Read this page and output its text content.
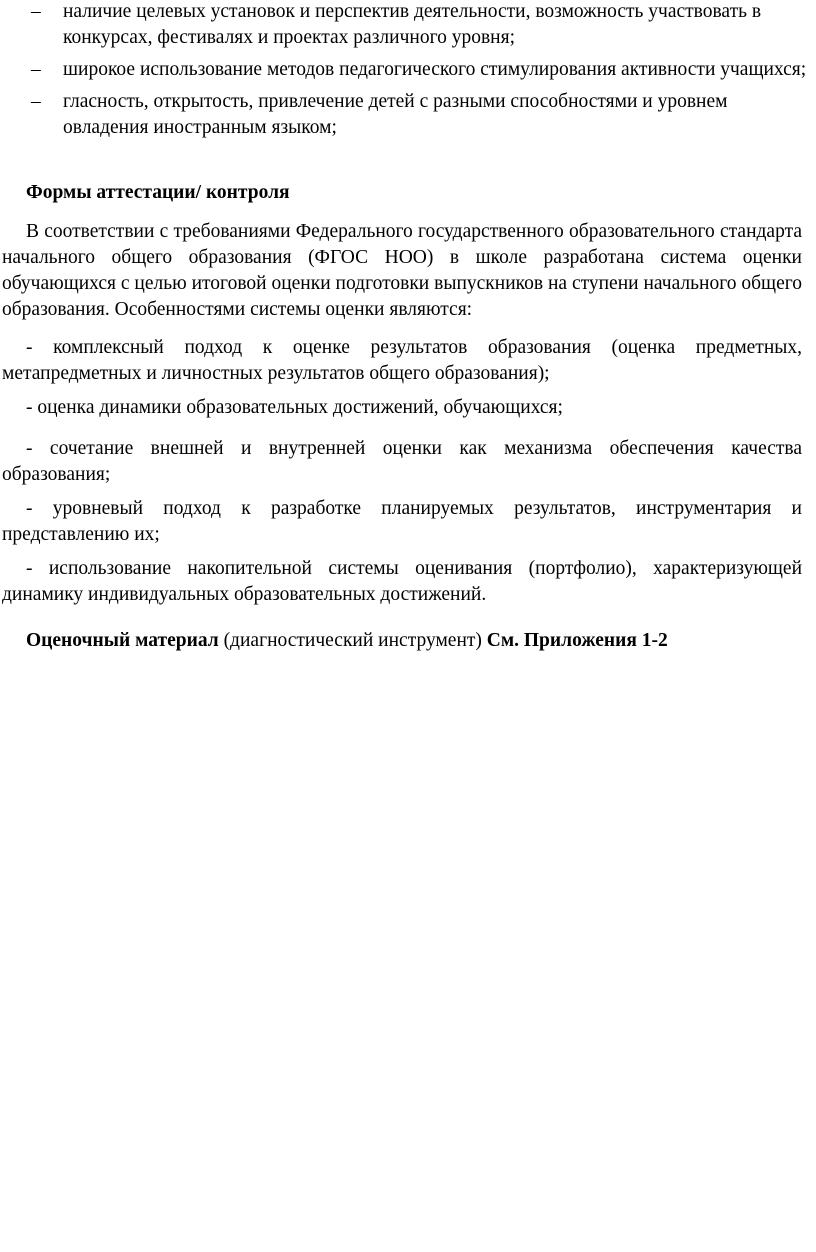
– наличие целевых установок и перспектив деятельности, возможность участвовать в конкурсах, фестивалях и проектах различного уровня;
– широкое использование методов педагогического стимулирования активности учащихся;
– гласность, открытость, привлечение детей с разными способностями и уровнем овладения иностранным языком;
Формы аттестации/ контроля

В соответствии с требованиями Федерального государственного образовательного стандарта начального общего образования (ФГОС НОО) в школе разработана система оценки обучающихся с целью итоговой оценки подготовки выпускников на ступени начального общего образования. Особенностями системы оценки являются:

- комплексный подход к оценке результатов образования (оценка предметных, метапредметных и личностных результатов общего образования);

- оценка динамики образовательных достижений, обучающихся;

- сочетание внешней и внутренней оценки как механизма обеспечения качества образования;

- уровневый подход к разработке планируемых результатов, инструментария и представлению их;

- использование накопительной системы оценивания (портфолио), характеризующей динамику индивидуальных образовательных достижений.

Оценочный материал (диагностический инструмент) См. Приложения 1-2
